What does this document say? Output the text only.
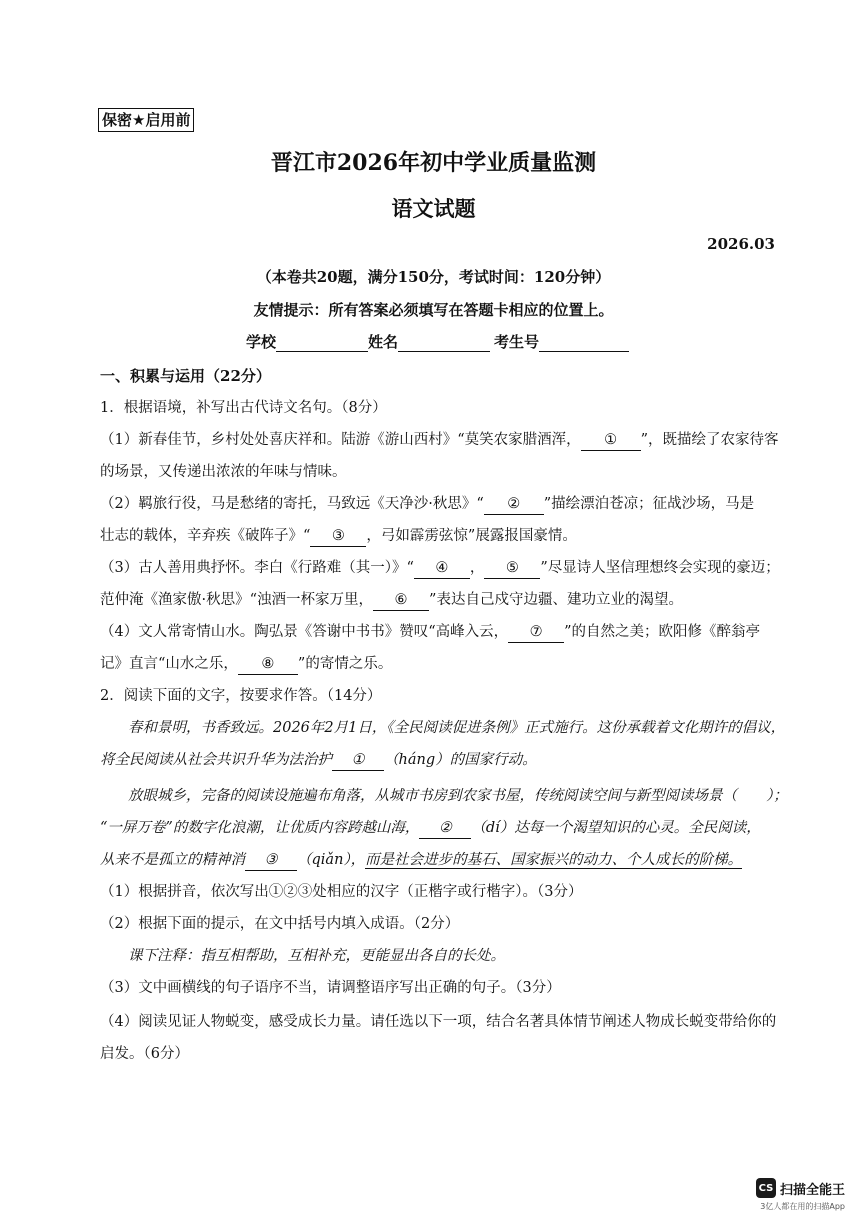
保密★启用前
晋江市2026年初中学业质量监测
语文试题
2026.03
（本卷共20题，满分150分，考试时间：120分钟）
友情提示：所有答案必须填写在答题卡相应的位置上。
学校	姓名	考生号
一、积累与运用（22分）
1．根据语境，补写出古代诗文名句。（8分）
（1）新春佳节，乡村处处喜庆祥和。陆游《游山西村》“莫笑农家腊酒浑， ① ”，既描绘了农家待客
的场景，又传递出浓浓的年味与情味。
（2）羁旅行役，马是愁绪的寄托，马致远《天净沙·秋思》“ ② ”描绘漂泊苍凉；征战沙场，马是
壮志的载体，辛弃疾《破阵子》“ ③ ，弓如霹雳弦惊”展露报国豪情。
（3）古人善用典抒怀。李白《行路难（其一）》“ ④ ， ⑤ ”尽显诗人坚信理想终会实现的豪迈；
范仲淹《渔家傲·秋思》“浊酒一杯家万里， ⑥ ”表达自己戍守边疆、建功立业的渴望。
（4）文人常寄情山水。陶弘景《答谢中书书》赞叹“高峰入云， ⑦ ”的自然之美；欧阳修《醉翁亭
记》直言“山水之乐， ⑧ ”的寄情之乐。
2．阅读下面的文字，按要求作答。（14分）
春和景明，书香致远。2026年2月1日，《全民阅读促进条例》正式施行。这份承载着文化期许的倡议，
将全民阅读从社会共识升华为法治护 ① （háng）的国家行动。
放眼城乡，完备的阅读设施遍布角落，从城市书房到农家书屋，传统阅读空间与新型阅读场景（　　）；
“一屏万卷”的数字化浪潮，让优质内容跨越山海， ② （dí）达每一个渴望知识的心灵。全民阅读，
从来不是孤立的精神消 ③ （qiǎn），而是社会进步的基石、国家振兴的动力、个人成长的阶梯。
（1）根据拼音，依次写出①②③处相应的汉字（正楷字或行楷字）。（3分）
（2）根据下面的提示，在文中括号内填入成语。（2分）
课下注释：指互相帮助，互相补充，更能显出各自的长处。
（3）文中画横线的句子语序不当，请调整语序写出正确的句子。（3分）
（4）阅读见证人物蜕变，感受成长力量。请任选以下一项，结合名著具体情节阐述人物成长蜕变带给你的
启发。（6分）
CS 扫描全能王
3亿人都在用的扫描App
